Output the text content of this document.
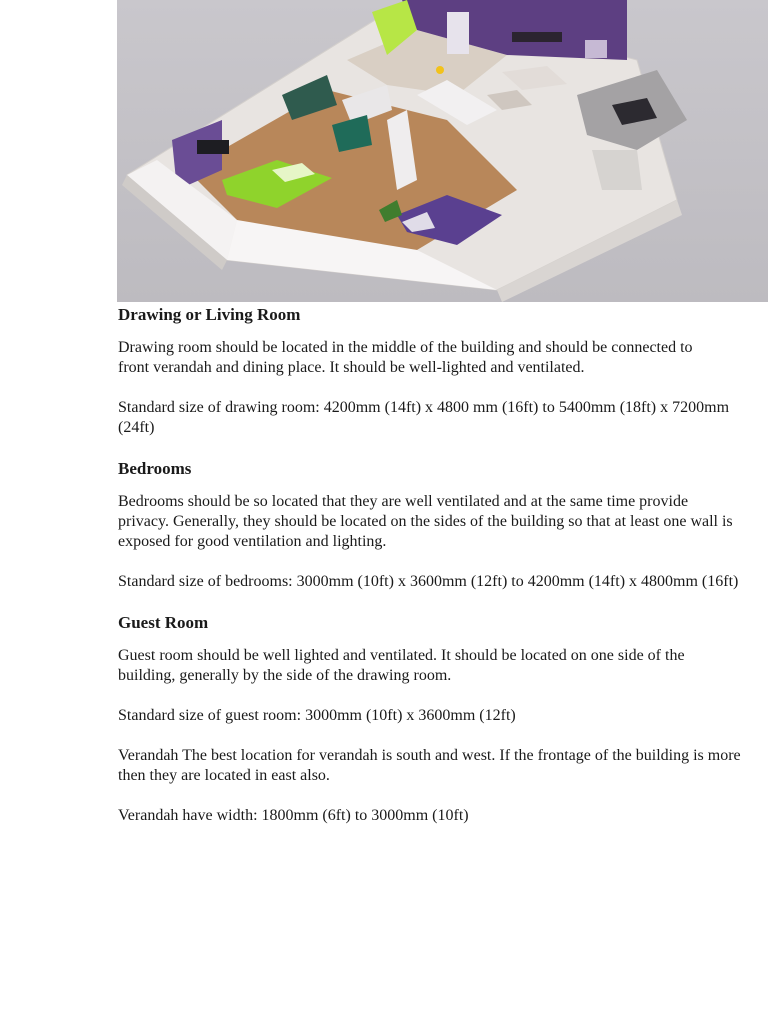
Drawing or Living Room

Drawing room should be located in the middle of the building and should be connected to

front verandah and dining place. It should be well-lighted and ventilated.

Standard size of drawing room: 4200mm (14ft) x 4800 mm (16ft) to 5400mm (18ft) x 7200mm

(24ft)

Bedrooms

Bedrooms should be so located that they are well ventilated and at the same time provide

privacy. Generally, they should be located on the sides of the building so that at least one wall is

exposed for good ventilation and lighting.

Standard size of bedrooms: 3000mm (10ft) x 3600mm (12ft) to 4200mm (14ft) x 4800mm (16ft)

Guest Room

Guest room should be well lighted and ventilated. It should be located on one side of the

building, generally by the side of the drawing room.

Standard size of guest room: 3000mm (10ft) x 3600mm (12ft)

Verandah The best location for verandah is south and west. If the frontage of the building is more

then they are located in east also.

Verandah have width: 1800mm (6ft) to 3000mm (10ft)
